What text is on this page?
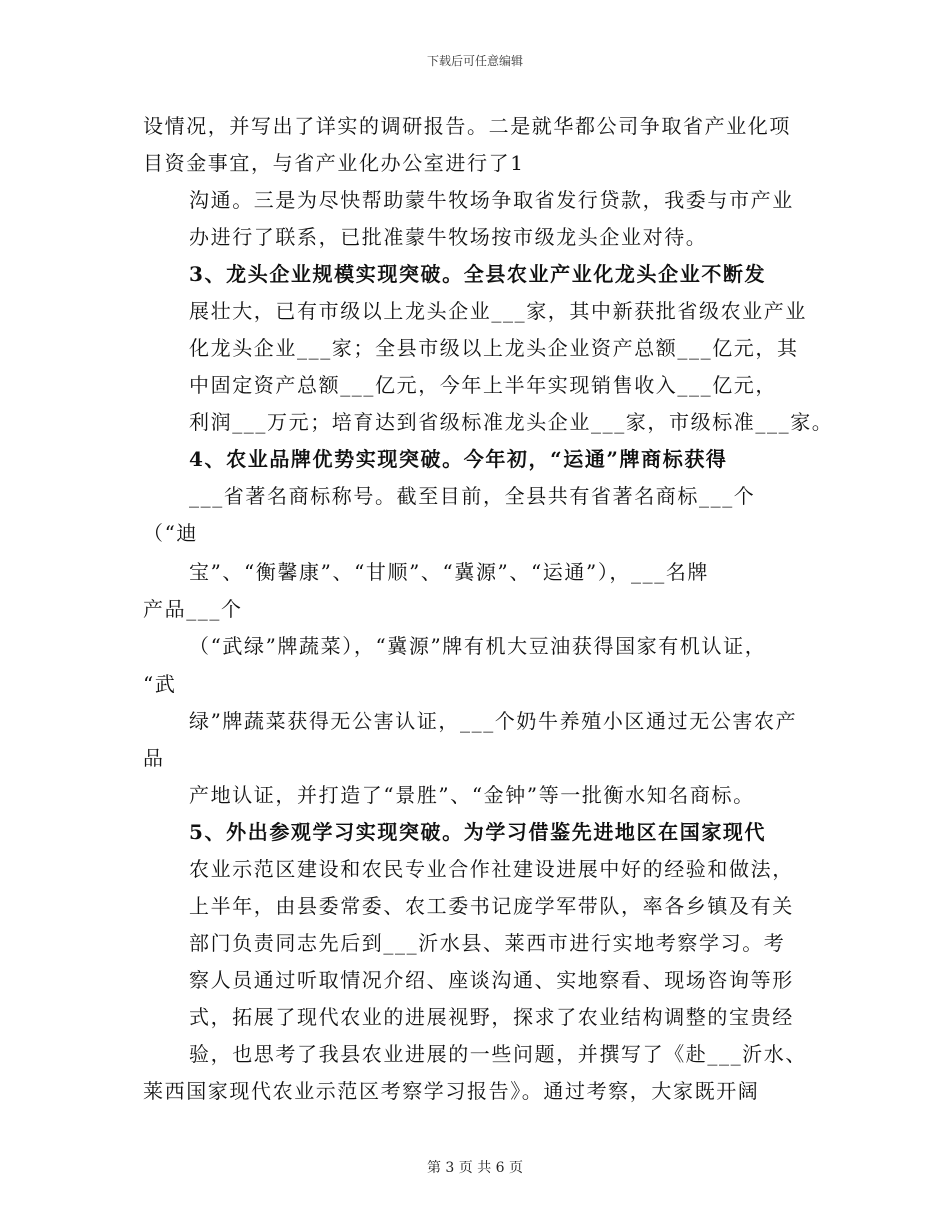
下载后可任意编辑
设情况，并写出了详实的调研报告。二是就华都公司争取省产业化项
目资金事宜，与省产业化办公室进行了1
沟通。三是为尽快帮助蒙牛牧场争取省发行贷款，我委与市产业
办进行了联系，已批准蒙牛牧场按市级龙头企业对待。
3、龙头企业规模实现突破。全县农业产业化龙头企业不断发
展壮大，已有市级以上龙头企业___家，其中新获批省级农业产业
化龙头企业___家；全县市级以上龙头企业资产总额___亿元，其
中固定资产总额___亿元，今年上半年实现销售收入___亿元，
利润___万元；培育达到省级标准龙头企业___家，市级标准___家。
4、农业品牌优势实现突破。今年初，“运通”牌商标获得
___省著名商标称号。截至目前，全县共有省著名商标___个
（“迪
宝”、“衡馨康”、“甘顺”、“冀源”、“运通”），___名牌
产品___个
（“武绿”牌蔬菜），“冀源”牌有机大豆油获得国家有机认证，
“武
绿”牌蔬菜获得无公害认证，___个奶牛养殖小区通过无公害农产
品
产地认证，并打造了“景胜”、“金钟”等一批衡水知名商标。
5、外出参观学习实现突破。为学习借鉴先进地区在国家现代
农业示范区建设和农民专业合作社建设进展中好的经验和做法，
上半年，由县委常委、农工委书记庞学军带队，率各乡镇及有关
部门负责同志先后到___沂水县、莱西市进行实地考察学习。考
察人员通过听取情况介绍、座谈沟通、实地察看、现场咨询等形
式，拓展了现代农业的进展视野，探求了农业结构调整的宝贵经
验，也思考了我县农业进展的一些问题，并撰写了《赴___沂水、
莱西国家现代农业示范区考察学习报告》。通过考察，大家既开阔
第 3 页 共 6 页
